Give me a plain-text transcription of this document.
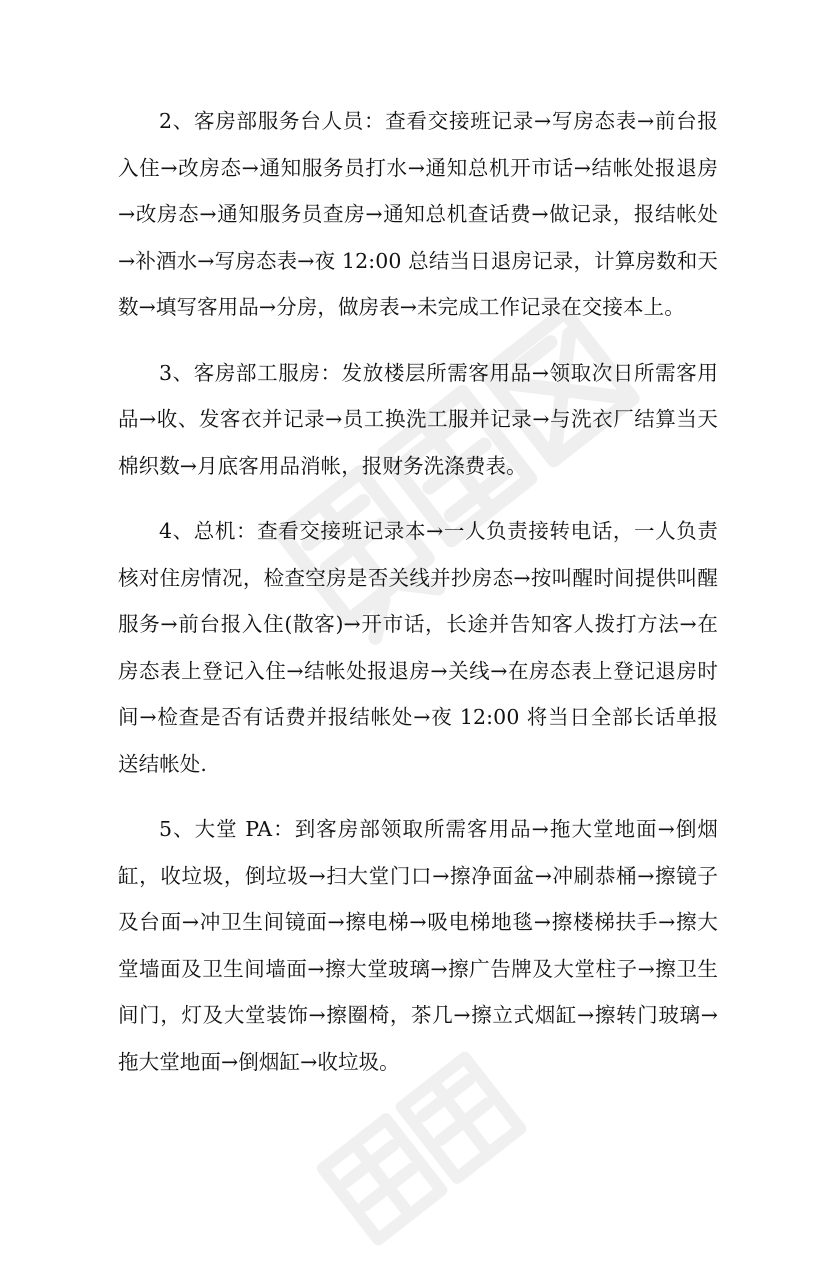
2、客房部服务台人员：查看交接班记录→写房态表→前台报入住→改房态→通知服务员打水→通知总机开市话→结帐处报退房→改房态→通知服务员查房→通知总机查话费→做记录，报结帐处→补酒水→写房态表→夜 12:00 总结当日退房记录，计算房数和天数→填写客用品→分房，做房表→未完成工作记录在交接本上。

3、客房部工服房：发放楼层所需客用品→领取次日所需客用品→收、发客衣并记录→员工换洗工服并记录→与洗衣厂结算当天棉织数→月底客用品消帐，报财务洗涤费表。

4、总机：查看交接班记录本→一人负责接转电话，一人负责核对住房情况，检查空房是否关线并抄房态→按叫醒时间提供叫醒服务→前台报入住(散客)→开市话，长途并告知客人拨打方法→在房态表上登记入住→结帐处报退房→关线→在房态表上登记退房时间→检查是否有话费并报结帐处→夜 12:00 将当日全部长话单报送结帐处.

5、大堂 PA：到客房部领取所需客用品→拖大堂地面→倒烟缸，收垃圾，倒垃圾→扫大堂门口→擦净面盆→冲刷恭桶→擦镜子及台面→冲卫生间镜面→擦电梯→吸电梯地毯→擦楼梯扶手→擦大堂墙面及卫生间墙面→擦大堂玻璃→擦广告牌及大堂柱子→擦卫生间门，灯及大堂装饰→擦圈椅，茶几→擦立式烟缸→擦转门玻璃→拖大堂地面→倒烟缸→收垃圾。
